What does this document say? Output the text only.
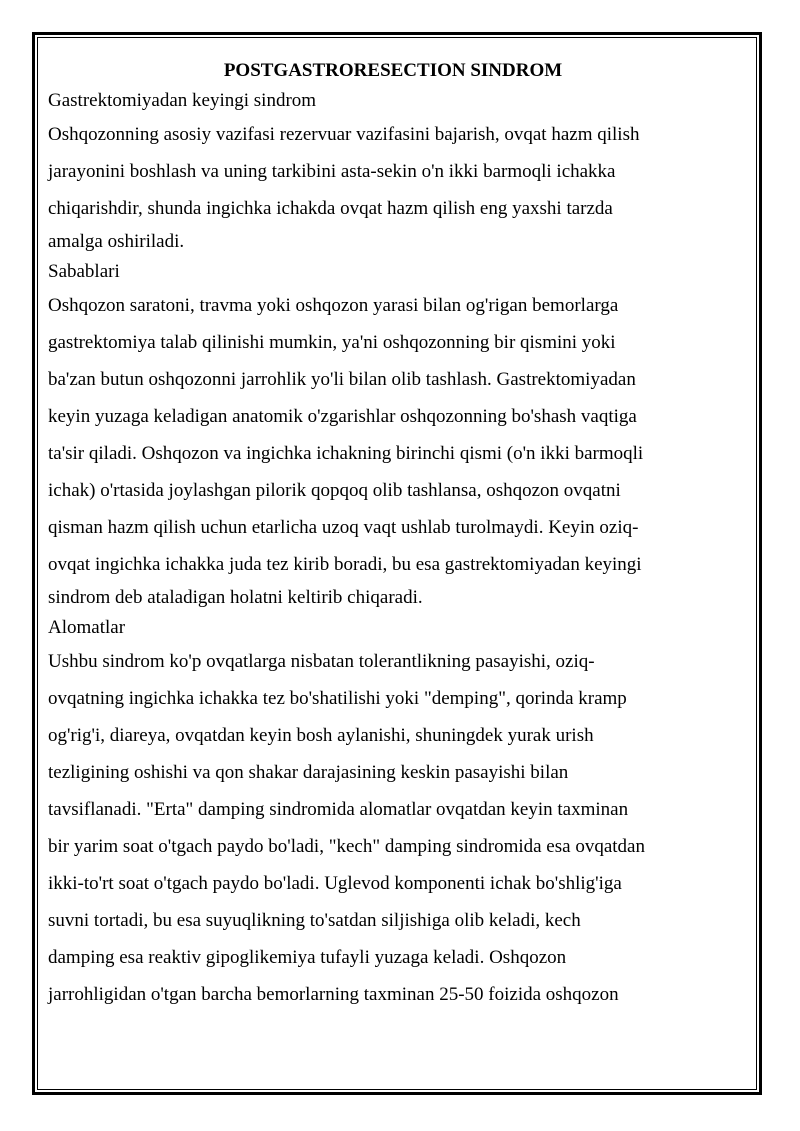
POSTGASTRORESECTION SINDROM
Gastrektomiyadan keyingi sindrom
Oshqozonning asosiy vazifasi rezervuar vazifasini bajarish, ovqat hazm qilish
jarayonini boshlash va uning tarkibini asta-sekin o'n ikki barmoqli ichakka
chiqarishdir, shunda ingichka ichakda ovqat hazm qilish eng yaxshi tarzda
amalga oshiriladi.
Sabablari
Oshqozon saratoni, travma yoki oshqozon yarasi bilan og'rigan bemorlarga
gastrektomiya talab qilinishi mumkin, ya'ni oshqozonning bir qismini yoki
ba'zan butun oshqozonni jarrohlik yo'li bilan olib tashlash. Gastrektomiyadan
keyin yuzaga keladigan anatomik o'zgarishlar oshqozonning bo'shash vaqtiga
ta'sir qiladi. Oshqozon va ingichka ichakning birinchi qismi (o'n ikki barmoqli
ichak) o'rtasida joylashgan pilorik qopqoq olib tashlansa, oshqozon ovqatni
qisman hazm qilish uchun etarlicha uzoq vaqt ushlab turolmaydi. Keyin oziq-
ovqat ingichka ichakka juda tez kirib boradi, bu esa gastrektomiyadan keyingi
sindrom deb ataladigan holatni keltirib chiqaradi.
Alomatlar
Ushbu sindrom ko'p ovqatlarga nisbatan tolerantlikning pasayishi, oziq-
ovqatning ingichka ichakka tez bo'shatilishi yoki "demping", qorinda kramp
og'rig'i, diareya, ovqatdan keyin bosh aylanishi, shuningdek yurak urish
tezligining oshishi va qon shakar darajasining keskin pasayishi bilan
tavsiflanadi. "Erta" damping sindromida alomatlar ovqatdan keyin taxminan
bir yarim soat o'tgach paydo bo'ladi, "kech" damping sindromida esa ovqatdan
ikki-to'rt soat o'tgach paydo bo'ladi. Uglevod komponenti ichak bo'shlig'iga
suvni tortadi, bu esa suyuqlikning to'satdan siljishiga olib keladi, kech
damping esa reaktiv gipoglikemiya tufayli yuzaga keladi. Oshqozon
jarrohligidan o'tgan barcha bemorlarning taxminan 25-50 foizida oshqozon
